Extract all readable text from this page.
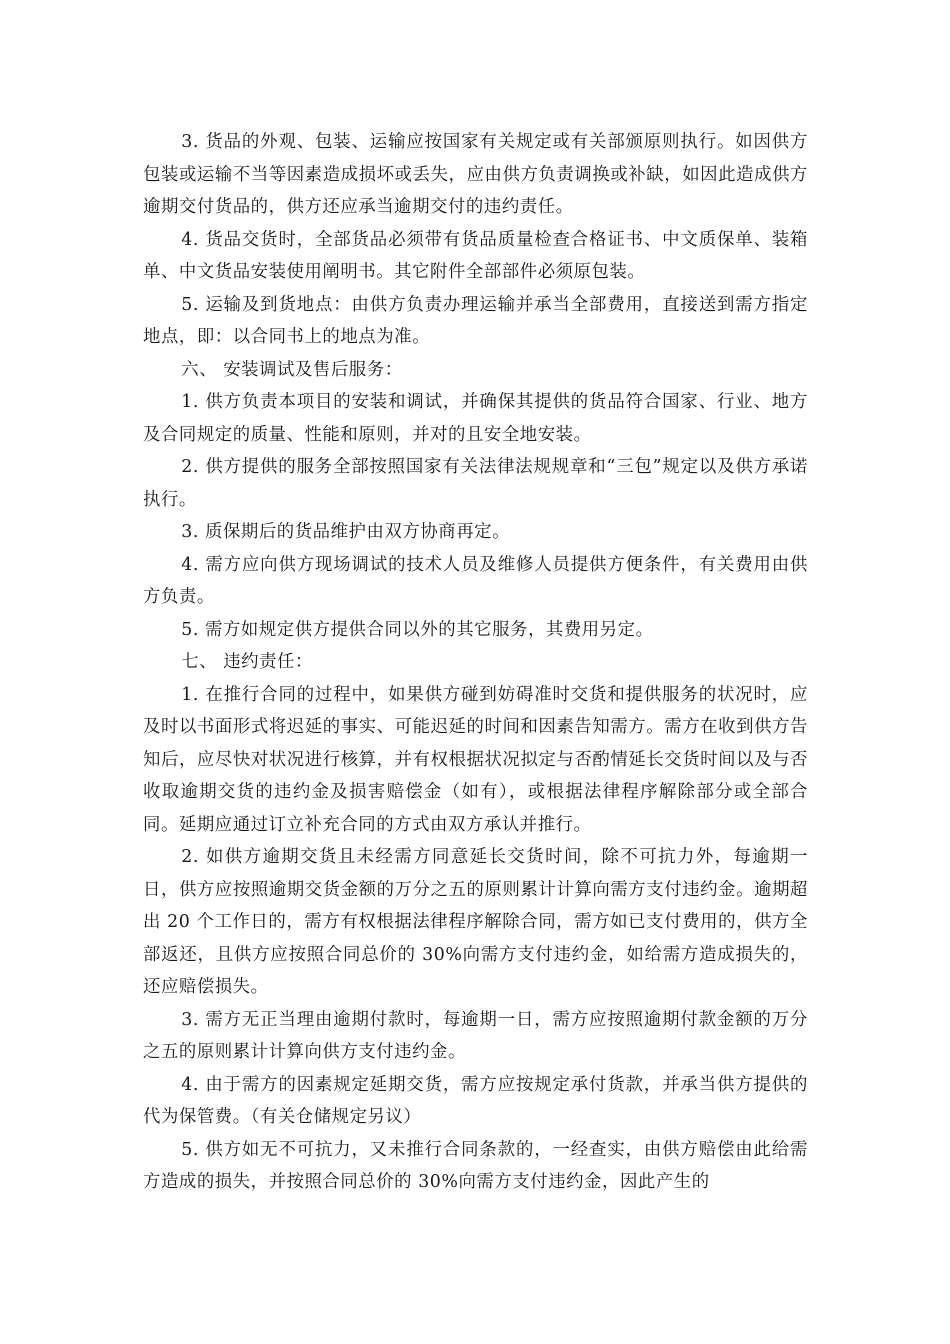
3. 货品的外观、包装、运输应按国家有关规定或有关部颁原则执行。如因供方包装或运输不当等因素造成损坏或丢失，应由供方负责调换或补缺，如因此造成供方逾期交付货品的，供方还应承当逾期交付的违约责任。

4. 货品交货时，全部货品必须带有货品质量检查合格证书、中文质保单、装箱单、中文货品安装使用阐明书。其它附件全部部件必须原包装。

5. 运输及到货地点：由供方负责办理运输并承当全部费用，直接送到需方指定地点，即：以合同书上的地点为准。

六、 安装调试及售后服务：

1. 供方负责本项目的安装和调试，并确保其提供的货品符合国家、行业、地方及合同规定的质量、性能和原则，并对的且安全地安装。

2. 供方提供的服务全部按照国家有关法律法规规章和“三包”规定以及供方承诺执行。

3. 质保期后的货品维护由双方协商再定。

4. 需方应向供方现场调试的技术人员及维修人员提供方便条件，有关费用由供方负责。

5. 需方如规定供方提供合同以外的其它服务，其费用另定。

七、 违约责任：

1. 在推行合同的过程中，如果供方碰到妨碍准时交货和提供服务的状况时，应及时以书面形式将迟延的事实、可能迟延的时间和因素告知需方。需方在收到供方告知后，应尽快对状况进行核算，并有权根据状况拟定与否酌情延长交货时间以及与否收取逾期交货的违约金及损害赔偿金（如有），或根据法律程序解除部分或全部合同。延期应通过订立补充合同的方式由双方承认并推行。

2. 如供方逾期交货且未经需方同意延长交货时间，除不可抗力外，每逾期一日，供方应按照逾期交货金额的万分之五的原则累计计算向需方支付违约金。逾期超出 20 个工作日的，需方有权根据法律程序解除合同，需方如已支付费用的，供方全部返还，且供方应按照合同总价的 30%向需方支付违约金，如给需方造成损失的，还应赔偿损失。

3. 需方无正当理由逾期付款时，每逾期一日，需方应按照逾期付款金额的万分之五的原则累计计算向供方支付违约金。

4. 由于需方的因素规定延期交货，需方应按规定承付货款，并承当供方提供的代为保管费。（有关仓储规定另议）

5. 供方如无不可抗力，又未推行合同条款的，一经查实，由供方赔偿由此给需方造成的损失，并按照合同总价的 30%向需方支付违约金，因此产生的
